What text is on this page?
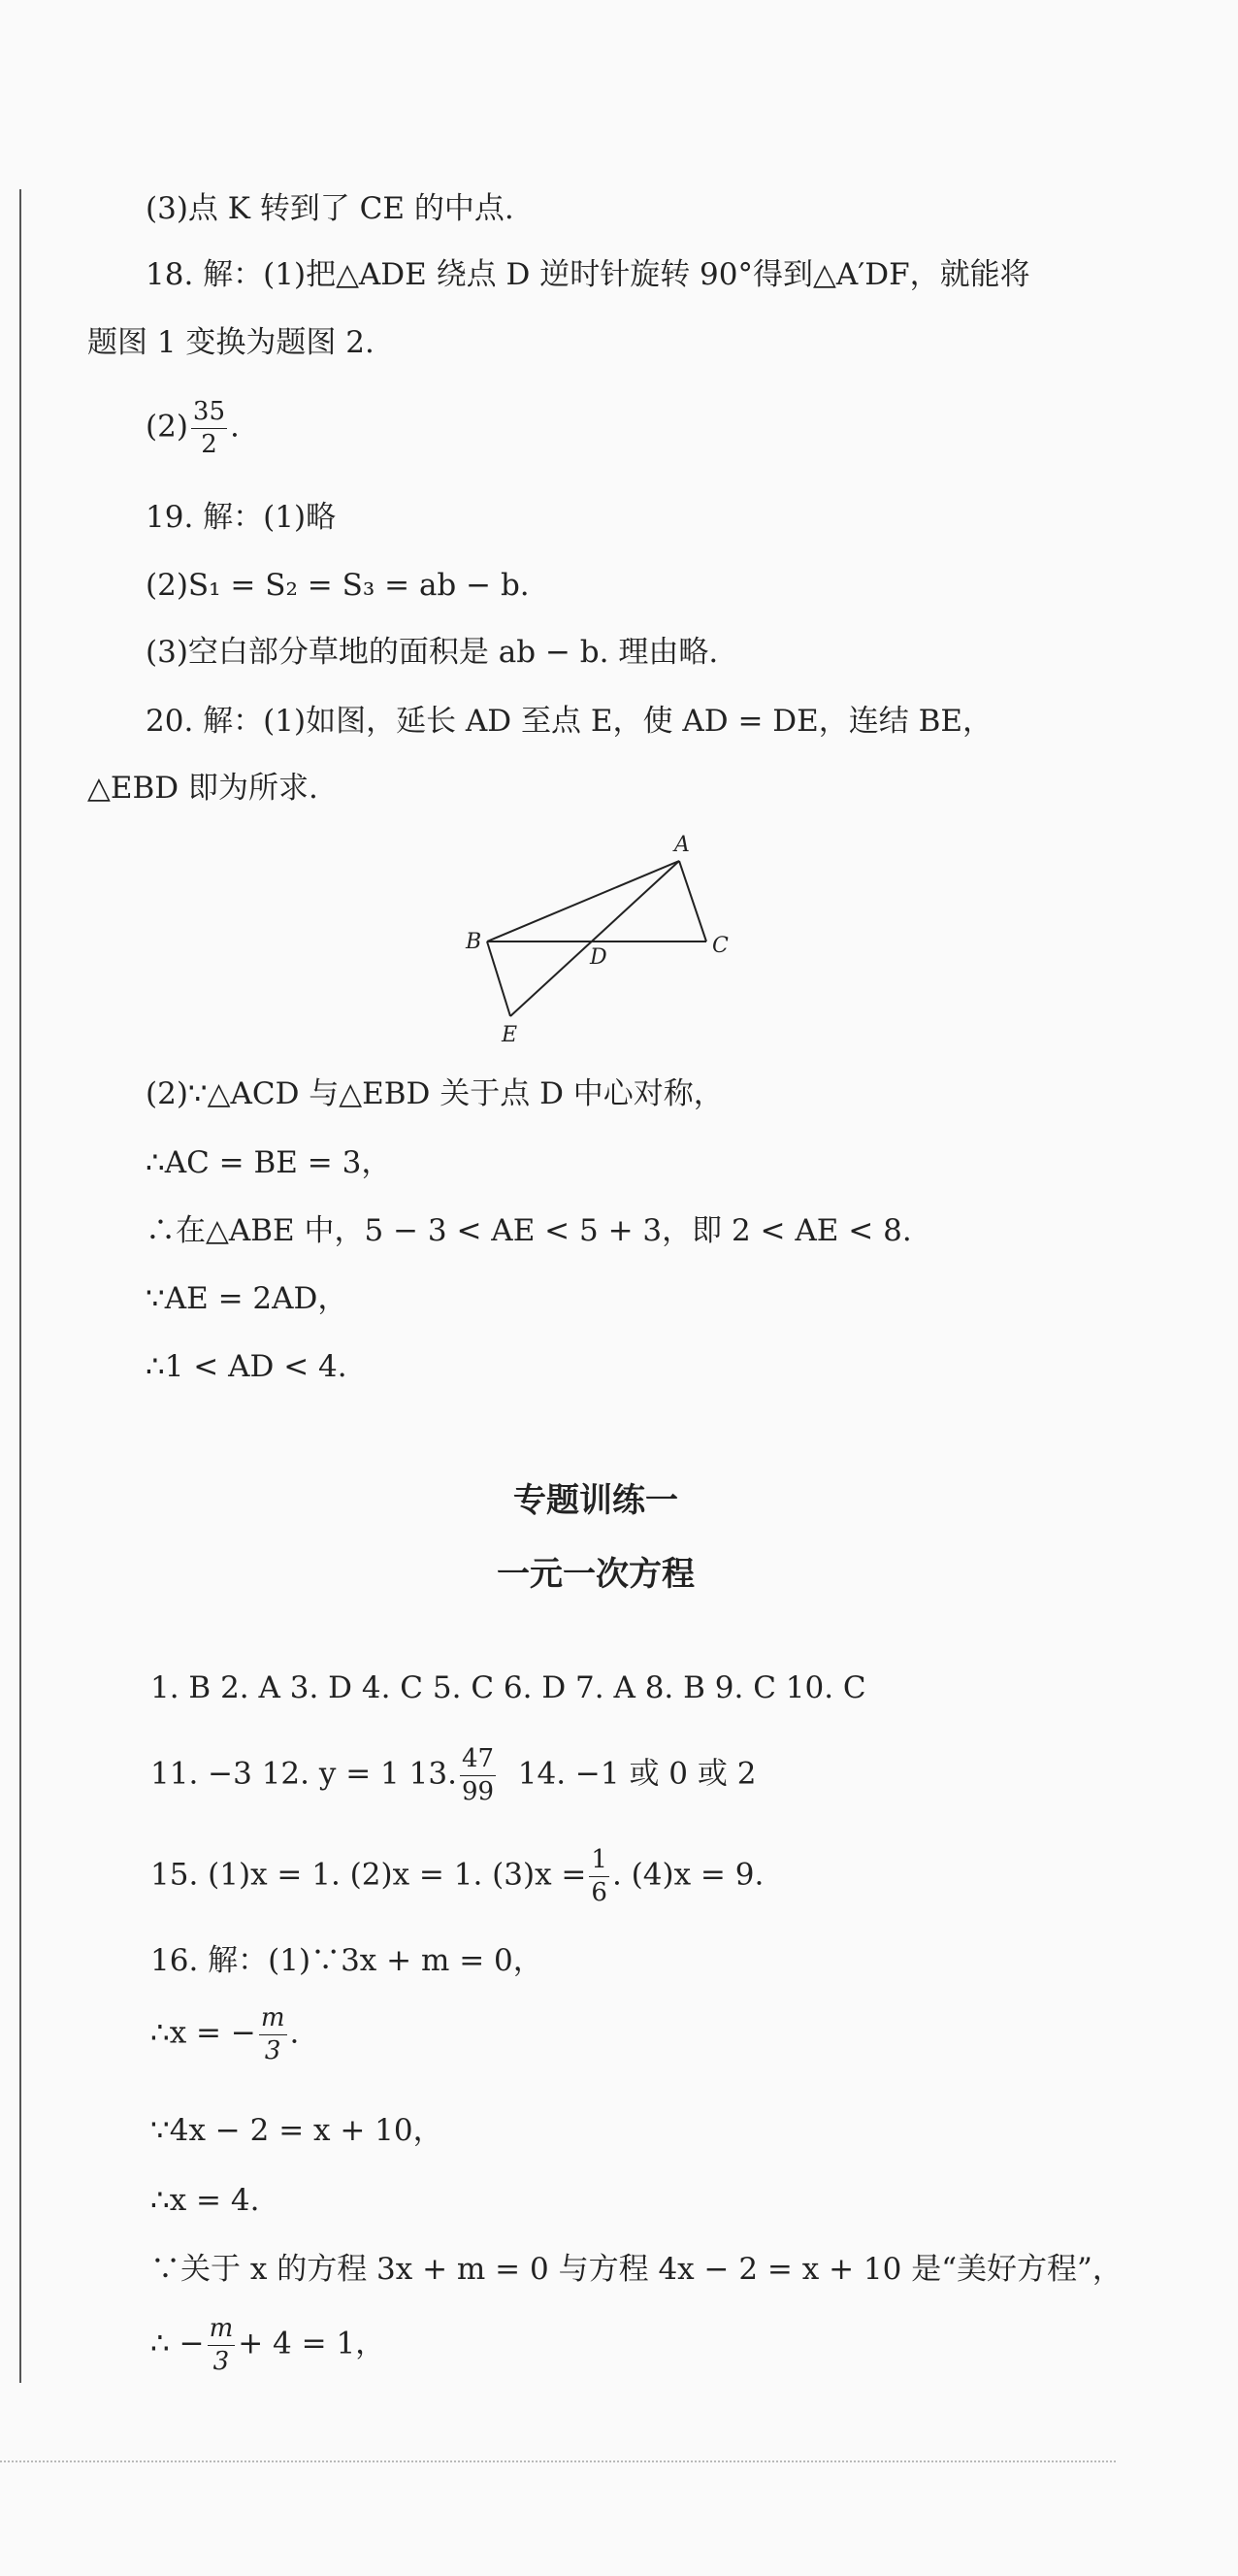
(3)点 K 转到了 CE 的中点.
18. 解：(1)把△ADE 绕点 D 逆时针旋转 90°得到△A′DF，就能将
题图 1 变换为题图 2.
$(2) \frac{35}{2}$ .
19. 解：(1)略
(2)S₁ = S₂ = S₃ = ab − b.
(3)空白部分草地的面积是 ab − b. 理由略.
20. 解：(1)如图，延长 AD 至点 E，使 AD = DE，连结 BE，
△EBD 即为所求.
A
B	C
D
E
(2)∵△ACD 与△EBD 关于点 D 中心对称，
∴AC = BE = 3，
∴在△ABE 中，5 − 3 < AE < 5 + 3，即 2 < AE < 8.
∵AE = 2AD，
∴1 < AD < 4.
专题训练一
一元一次方程
1. B 2. A 3. D 4. C 5. C 6. D 7. A 8. B 9. C 10. C
11. −3 12. y = 1 13. $\frac{47}{99} 14$. −1 或 0 或 2
15. (1)x = 1. (2)x = 1. $(3)x = \frac{1}{6}$ . (4)x = 9.
16. 解：(1)∵3x + m = 0，
∴x = − $\frac{m}{3}$ .
∵4x − 2 = x + 10，
∴x = 4.
∵关于 x 的方程 3x + m = 0 与方程 4x − 2 = x + 10 是“美好方程”，
∴ − $\frac{m}{3} + 4 = 1$，
